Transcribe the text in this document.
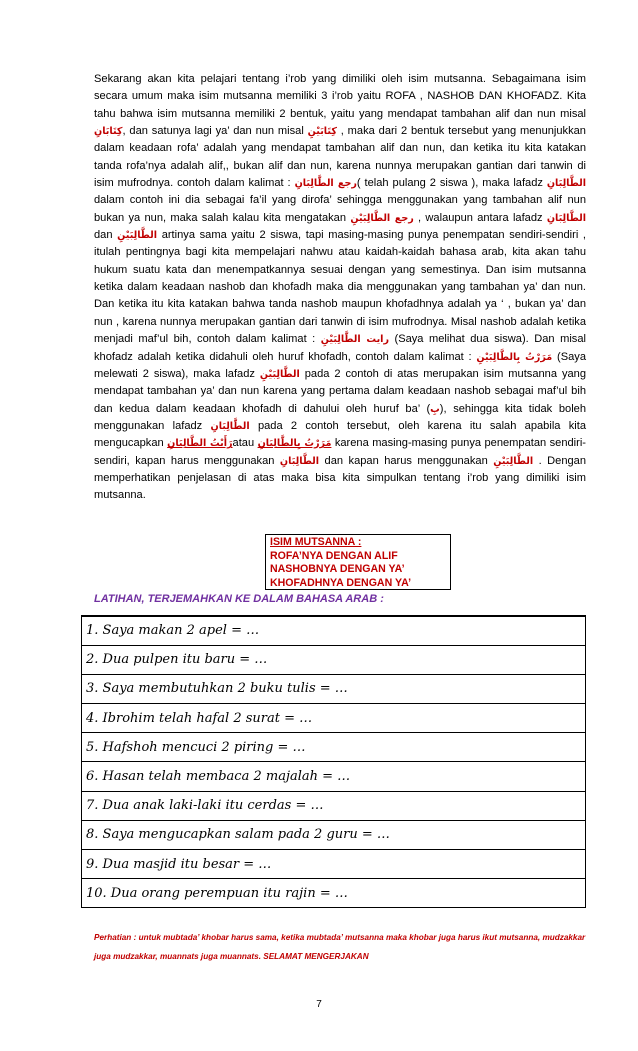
Sekarang akan kita pelajari tentang i’rob yang dimiliki oleh isim mutsanna. Sebagaimana isim secara umum maka isim mutsanna memiliki 3 i’rob yaitu ROFA , NASHOB DAN KHOFADZ. Kita tahu bahwa isim mutsanna memiliki 2 bentuk, yaitu yang mendapat tambahan alif dan nun misal كِتَابَانِ, dan satunya lagi ya’ dan nun misal كِتَابَيْنِ , maka dari 2 bentuk tersebut yang menunjukkan dalam keadaan rofa’ adalah yang mendapat tambahan alif dan nun, dan ketika itu kita katakan tanda rofa’nya adalah alif,, bukan alif dan nun, karena nunnya merupakan gantian dari tanwin di isim mufrodnya. contoh dalam kalimat : رجع الطَّالِبَانِ( telah pulang 2 siswa ), maka lafadz الطَّالِبَانِ dalam contoh ini dia sebagai fa’il yang dirofa’ sehingga menggunakan yang tambahan alif nun bukan ya nun, maka salah kalau kita mengatakan رجع الطَّالِبَيْنِ , walaupun antara lafadz الطَّالِبَانِ dan الطَّالِبَيْنِ artinya sama yaitu 2 siswa, tapi masing-masing punya penempatan sendiri-sendiri , itulah pentingnya bagi kita mempelajari nahwu atau kaidah-kaidah bahasa arab, kita akan tahu hukum suatu kata dan menempatkannya sesuai dengan yang semestinya. Dan isim mutsanna ketika dalam keadaan nashob dan khofadh maka dia menggunakan yang tambahan ya’ dan nun. Dan ketika itu kita katakan bahwa tanda nashob maupun khofadhnya adalah ya ‘ , bukan ya’ dan nun , karena nunnya merupakan gantian dari tanwin di isim mufrodnya. Misal nashob adalah ketika menjadi maf’ul bih, contoh dalam kalimat : رايت الطَّالِبَيْنِ (Saya melihat dua siswa). Dan misal khofadz adalah ketika didahuli oleh huruf khofadh, contoh dalam kalimat : مَرَرْتُ بِالطَّالِبَيْنِ (Saya melewati 2 siswa), maka lafadz الطَّالِبَيْنِ pada 2 contoh di atas merupakan isim mutsanna yang mendapat tambahan ya’ dan nun karena yang pertama dalam keadaan nashob sebagai maf’ul bih dan kedua dalam keadaan khofadh di dahului oleh huruf ba’ (بِ), sehingga kita tidak boleh menggunakan lafadz الطَّالِبَانِ pada 2 contoh tersebut, oleh karena itu salah apabila kita mengucapkan رَأَيْتُ الطَّالِبَانِatau مَرَرْتُ بِالطَّالِبَانِ karena masing-masing punya penempatan sendiri-sendiri, kapan harus menggunakan الطَّالِبَانِ dan kapan harus menggunakan الطَّالِبَيْنِ . Dengan memperhatikan penjelasan di atas maka bisa kita simpulkan tentang i’rob yang dimiliki isim mutsanna.
ISIM MUTSANNA :
ROFA’NYA DENGAN ALIF
NASHOBNYA DENGAN YA’
KHOFADHNYA DENGAN YA’
LATIHAN, TERJEMAHKAN KE DALAM BAHASA ARAB :
1. Saya makan 2 apel = …
2. Dua pulpen itu baru = …
3. Saya membutuhkan 2 buku tulis = …
4. Ibrohim telah hafal 2 surat = …
5. Hafshoh mencuci 2 piring = …
6. Hasan telah membaca 2 majalah = …
7. Dua anak laki-laki itu cerdas = …
8. Saya mengucapkan salam pada 2 guru = …
9. Dua masjid itu besar = …
10. Dua orang perempuan itu rajin = …
Perhatian : untuk mubtada’ khobar harus sama, ketika mubtada’ mutsanna maka khobar juga harus ikut mutsanna, mudzakkar juga mudzakkar, muannats juga muannats. SELAMAT MENGERJAKAN
7
